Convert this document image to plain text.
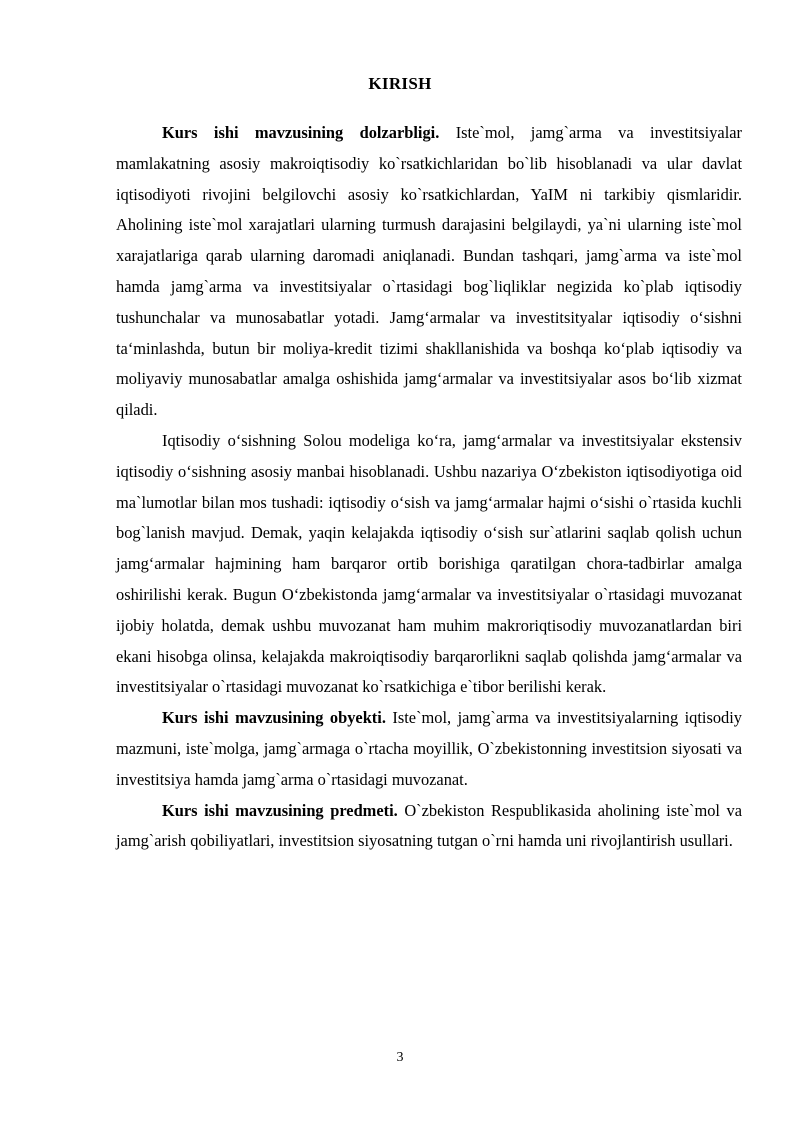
KIRISH

Kurs ishi mavzusining dolzarbligi. Iste`mol, jamg`arma va investitsiyalar mamlakatning asosiy makroiqtisodiy ko`rsatkichlaridan bo`lib hisoblanadi va ular davlat iqtisodiyoti rivojini belgilovchi asosiy ko`rsatkichlardan, YaIM ni tarkibiy qismlaridir. Aholining iste`mol xarajatlari ularning turmush darajasini belgilaydi, ya`ni ularning iste`mol xarajatlariga qarab ularning daromadi aniqlanadi. Bundan tashqari, jamg`arma va iste`mol hamda jamg`arma va investitsiyalar o`rtasidagi bog`liqliklar negizida ko`plab iqtisodiy tushunchalar va munosabatlar yotadi. Jamg‘armalar va investitsityalar iqtisodiy o‘sishni ta‘minlashda, butun bir moliya-kredit tizimi shakllanishida va boshqa ko‘plab iqtisodiy va moliyaviy munosabatlar amalga oshishida jamg‘armalar va investitsiyalar asos bo‘lib xizmat qiladi.

Iqtisodiy o‘sishning Solou modeliga ko‘ra, jamg‘armalar va investitsiyalar ekstensiv iqtisodiy o‘sishning asosiy manbai hisoblanadi. Ushbu nazariya O‘zbekiston iqtisodiyotiga oid ma`lumotlar bilan mos tushadi: iqtisodiy o‘sish va jamg‘armalar hajmi o‘sishi o`rtasida kuchli bog`lanish mavjud. Demak, yaqin kelajakda iqtisodiy o‘sish sur`atlarini saqlab qolish uchun jamg‘armalar hajmining ham barqaror ortib borishiga qaratilgan chora-tadbirlar amalga oshirilishi kerak. Bugun O‘zbekistonda jamg‘armalar va investitsiyalar o`rtasidagi muvozanat ijobiy holatda, demak ushbu muvozanat ham muhim makroriqtisodiy muvozanatlardan biri ekani hisobga olinsa, kelajakda makroiqtisodiy barqarorlikni saqlab qolishda jamg‘armalar va investitsiyalar o`rtasidagi muvozanat ko`rsatkichiga e`tibor berilishi kerak.

Kurs ishi mavzusining obyekti. Iste`mol, jamg`arma va investitsiyalarning iqtisodiy mazmuni, iste`molga, jamg`armaga o`rtacha moyillik, O`zbekistonning investitsion siyosati va investitsiya hamda jamg`arma o`rtasidagi muvozanat.

Kurs ishi mavzusining predmeti. O`zbekiston Respublikasida aholining iste`mol va jamg`arish qobiliyatlari, investitsion siyosatning tutgan o`rni hamda uni rivojlantirish usullari.

3
